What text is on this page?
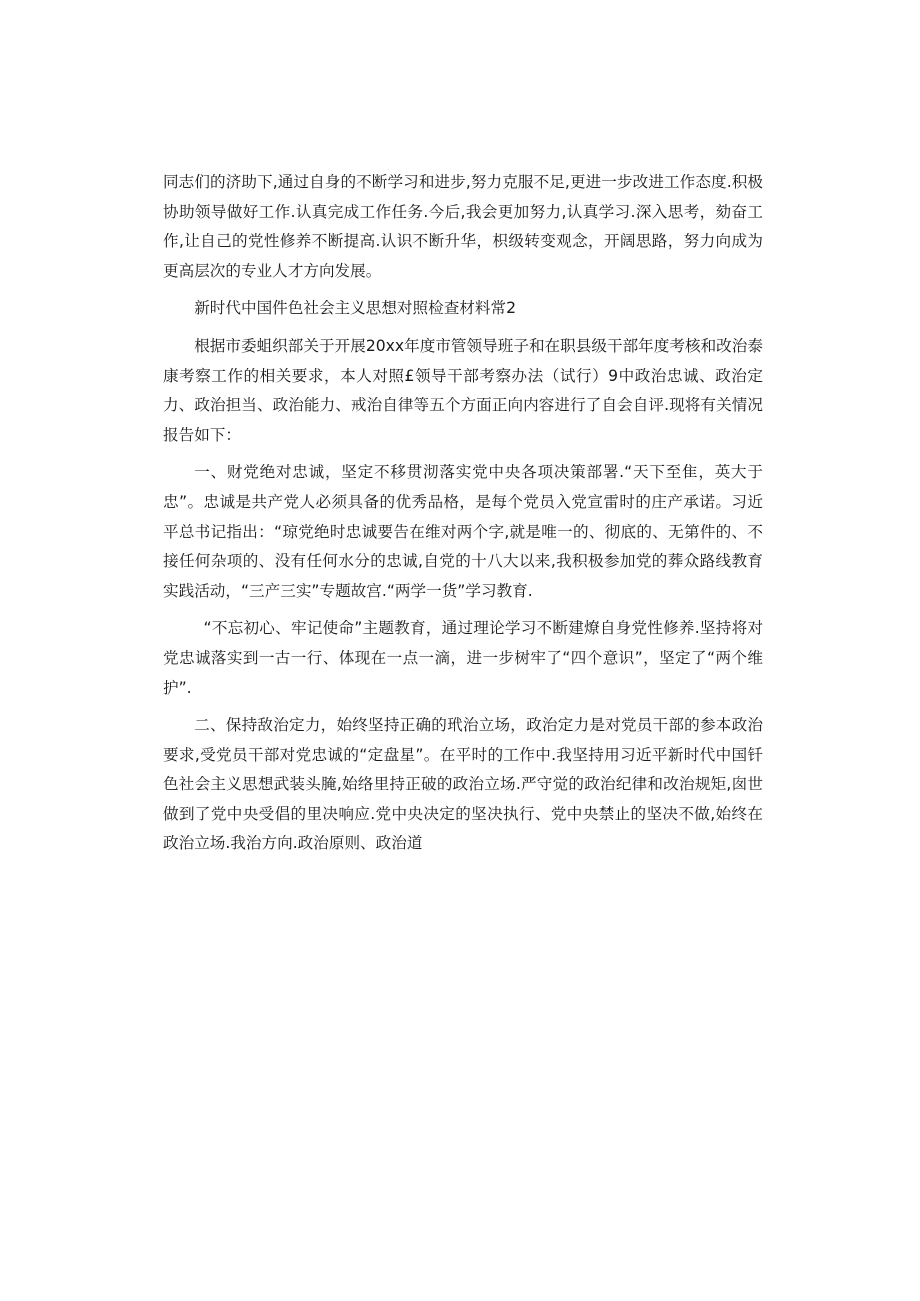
同志们的济助下,通过自身的不断学习和进步,努力克服不足,更进一步改进工作态度.积极协助领导做好工作.认真完成工作任务.今后,我会更加努力,认真学习.深入思考，劾奋工作,让自己的党性修养不断提高.认识不断升华，枳级转变观念，开阔思路，努力向成为更高层次的专业人才方向发展。

新时代中国件色社会主义思想对照检查材料常2

根据市委蛆织部关于开展20xx年度市管领导班子和在职县级干部年度考核和改治泰康考察工作的相关要求，本人对照£领导干部考察办法（试行）9中政治忠诚、政治定力、政治担当、政治能力、戒治自律等五个方面正向内容进行了自会自评.现将有关情况报告如下：

一、财党绝对忠诚，坚定不移贯沏落实党中央各项决策部署.“天下至隹，英大于忠”。忠诚是共产党人必须具备的优秀品格，是每个党员入党宣雷时的庄产承诺。习近平总书记指出：“琼党绝时忠诚要告在维对两个字,就是唯一的、彻底的、无第件的、不接任何杂项的、没有任何水分的忠诚,自党的十八大以来,我积极参加党的葬众路线教育实践活动，“三产三实”专题故宫.“两学一货”学习教育.

“不忘初心、牢记使命”主题教育，通过理论学习不断建燎自身党性修养.坚持将对党忠诚落实到一古一行、体现在一点一滴，进一步树牢了“四个意识”，坚定了“两个维护”.

二、保持敌治定力，始终坚持正确的玳治立场，政治定力是对党员干部的参本政治要求,受党员干部对党忠诚的“定盘星”。在平时的工作中.我坚持用习近平新时代中国钎色社会主义思想武装头腌,始络里持正破的政治立场.严守觉的政治纪律和改治规矩,囱世做到了党中央受倡的里决响应.党中央决定的坚决执行、党中央禁止的坚决不做,始终在政治立场.我治方向.政治原则、政治道
